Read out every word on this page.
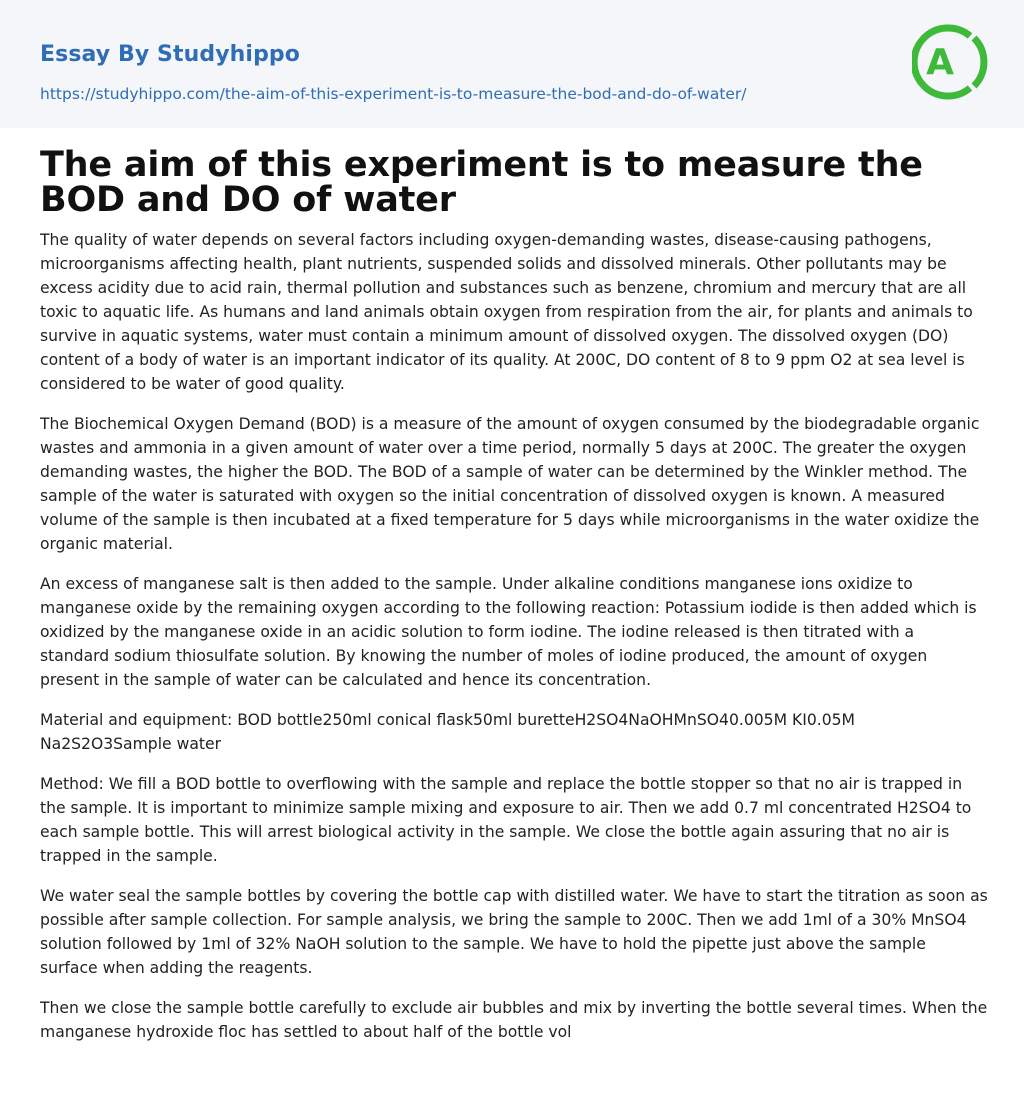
Essay By Studyhippo
https://studyhippo.com/the-aim-of-this-experiment-is-to-measure-the-bod-and-do-of-water/
A
The aim of this experiment is to measure the BOD and DO of water

The quality of water depends on several factors including oxygen-demanding wastes, disease-causing pathogens, microorganisms affecting health, plant nutrients, suspended solids and dissolved minerals. Other pollutants may be excess acidity due to acid rain, thermal pollution and substances such as benzene, chromium and mercury that are all toxic to aquatic life. As humans and land animals obtain oxygen from respiration from the air, for plants and animals to survive in aquatic systems, water must contain a minimum amount of dissolved oxygen. The dissolved oxygen (DO) content of a body of water is an important indicator of its quality. At 200C, DO content of 8 to 9 ppm O2 at sea level is considered to be water of good quality.

The Biochemical Oxygen Demand (BOD) is a measure of the amount of oxygen consumed by the biodegradable organic wastes and ammonia in a given amount of water over a time period, normally 5 days at 200C. The greater the oxygen demanding wastes, the higher the BOD. The BOD of a sample of water can be determined by the Winkler method. The sample of the water is saturated with oxygen so the initial concentration of dissolved oxygen is known. A measured volume of the sample is then incubated at a fixed temperature for 5 days while microorganisms in the water oxidize the organic material.

An excess of manganese salt is then added to the sample. Under alkaline conditions manganese ions oxidize to manganese oxide by the remaining oxygen according to the following reaction: Potassium iodide is then added which is oxidized by the manganese oxide in an acidic solution to form iodine. The iodine released is then titrated with a standard sodium thiosulfate solution. By knowing the number of moles of iodine produced, the amount of oxygen present in the sample of water can be calculated and hence its concentration.

Material and equipment: BOD bottle250ml conical flask50ml buretteH2SO4NaOHMnSO40.005M KI0.05M Na2S2O3Sample water

Method: We fill a BOD bottle to overflowing with the sample and replace the bottle stopper so that no air is trapped in the sample. It is important to minimize sample mixing and exposure to air. Then we add 0.7 ml concentrated H2SO4 to each sample bottle. This will arrest biological activity in the sample. We close the bottle again assuring that no air is trapped in the sample.

We water seal the sample bottles by covering the bottle cap with distilled water. We have to start the titration as soon as possible after sample collection. For sample analysis, we bring the sample to 200C. Then we add 1ml of a 30% MnSO4 solution followed by 1ml of 32% NaOH solution to the sample. We have to hold the pipette just above the sample surface when adding the reagents.

Then we close the sample bottle carefully to exclude air bubbles and mix by inverting the bottle several times. When the manganese hydroxide floc has settled to about half of the bottle vol
